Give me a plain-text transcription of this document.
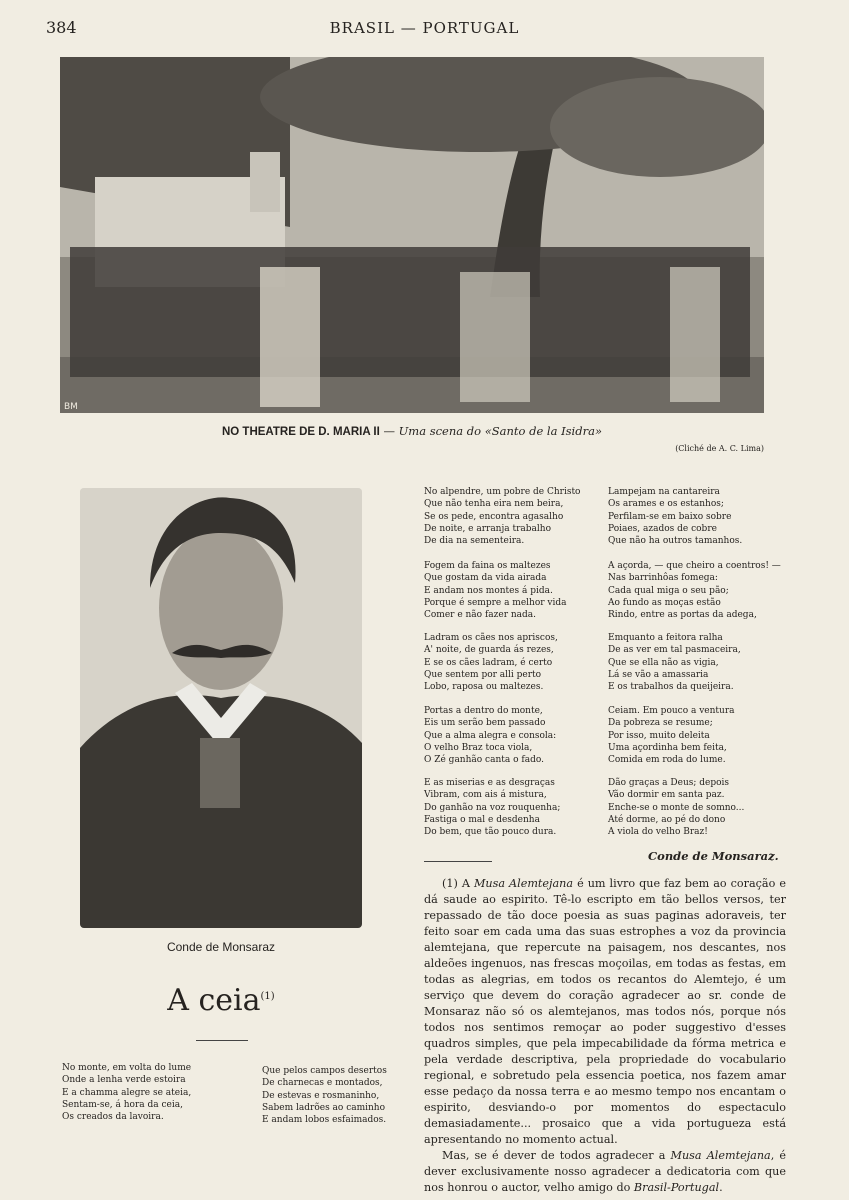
384	BRASIL — PORTUGAL
BM
NO THEATRE DE D. MARIA II — Uma scena do «Santo de la Isidra»
(Cliché de A. C. Lima)
Conde de Monsaraz
A ceia$^{(1)}$
No monte, em volta do lume
Onde a lenha verde estoira
E a chamma alegre se ateia,
Sentam-se, á hora da ceia,
Os creados da lavoira.
Que pelos campos desertos
De charnecas e montados,
De estevas e rosmaninho,
Sabem ladrões ao caminho
E andam lobos esfaimados.
No alpendre, um pobre de Christo
Que não tenha eira nem beira,
Se os pede, encontra agasalho
De noite, e arranja trabalho
De dia na sementeira.
Fogem da faina os maltezes
Que gostam da vida airada
E andam nos montes á pida.
Porque é sempre a melhor vida
Comer e não fazer nada.
Ladram os cães nos apriscos,
A' noite, de guarda ás rezes,
E se os cães ladram, é certo
Que sentem por alli perto
Lobo, raposa ou maltezes.
Portas a dentro do monte,
Eis um serão bem passado
Que a alma alegra e consola:
O velho Braz toca viola,
O Zé ganhão canta o fado.
E as miserias e as desgraças
Vibram, com ais á mistura,
Do ganhão na voz rouquenha;
Fastiga o mal e desdenha
Do bem, que tão pouco dura.
Lampejam na cantareira
Os arames e os estanhos;
Perfilam-se em baixo sobre
Poiaes, azados de cobre
Que não ha outros tamanhos.
A açorda, — que cheiro a coentros! —
Nas barrinhôas fomega:
Cada qual miga o seu pão;
Ao fundo as moças estão
Rindo, entre as portas da adega,
Emquanto a feitora ralha
De as ver em tal pasmaceira,
Que se ella não as vigia,
Lá se vão a amassaria
E os trabalhos da queijeira.
Ceiam. Em pouco a ventura
Da pobreza se resume;
Por isso, muito deleita
Uma açordinha bem feita,
Comida em roda do lume.
Dão graças a Deus; depois
Vão dormir em santa paz.
Enche-se o monte de somno...
Até dorme, ao pé do dono
A viola do velho Braz!
Conde de Monsaraz.

(1) A Musa Alemtejana é um livro que faz bem ao coração e dá saude ao espirito. Tê-lo escripto em tão bellos versos, ter repassado de tão doce poesia as suas paginas adoraveis, ter feito soar em cada uma das suas estrophes a voz da provincia alemtejana, que repercute na paisagem, nos descantes, nos aldeões ingenuos, nas frescas moçoilas, em todas as festas, em todas as alegrias, em todos os recantos do Alemtejo, é um serviço que devem do coração agradecer ao sr. conde de Monsaraz não só os alemtejanos, mas todos nós, porque nós todos nos sentimos remoçar ao poder suggestivo d'esses quadros simples, que pela impecabilidade da fórma metrica e pela verdade descriptiva, pela propriedade do vocabulario regional, e sobretudo pela essencia poetica, nos fazem amar esse pedaço da nossa terra e ao mesmo tempo nos encantam o espirito, desviando-o por momentos do espectaculo demasiadamente... prosaico que a vida portugueza está apresentando no momento actual.

Mas, se é dever de todos agradecer a Musa Alemtejana, é dever exclusivamente nosso agradecer a dedicatoria com que nos honrou o auctor, velho amigo do Brasil-Portugal.
